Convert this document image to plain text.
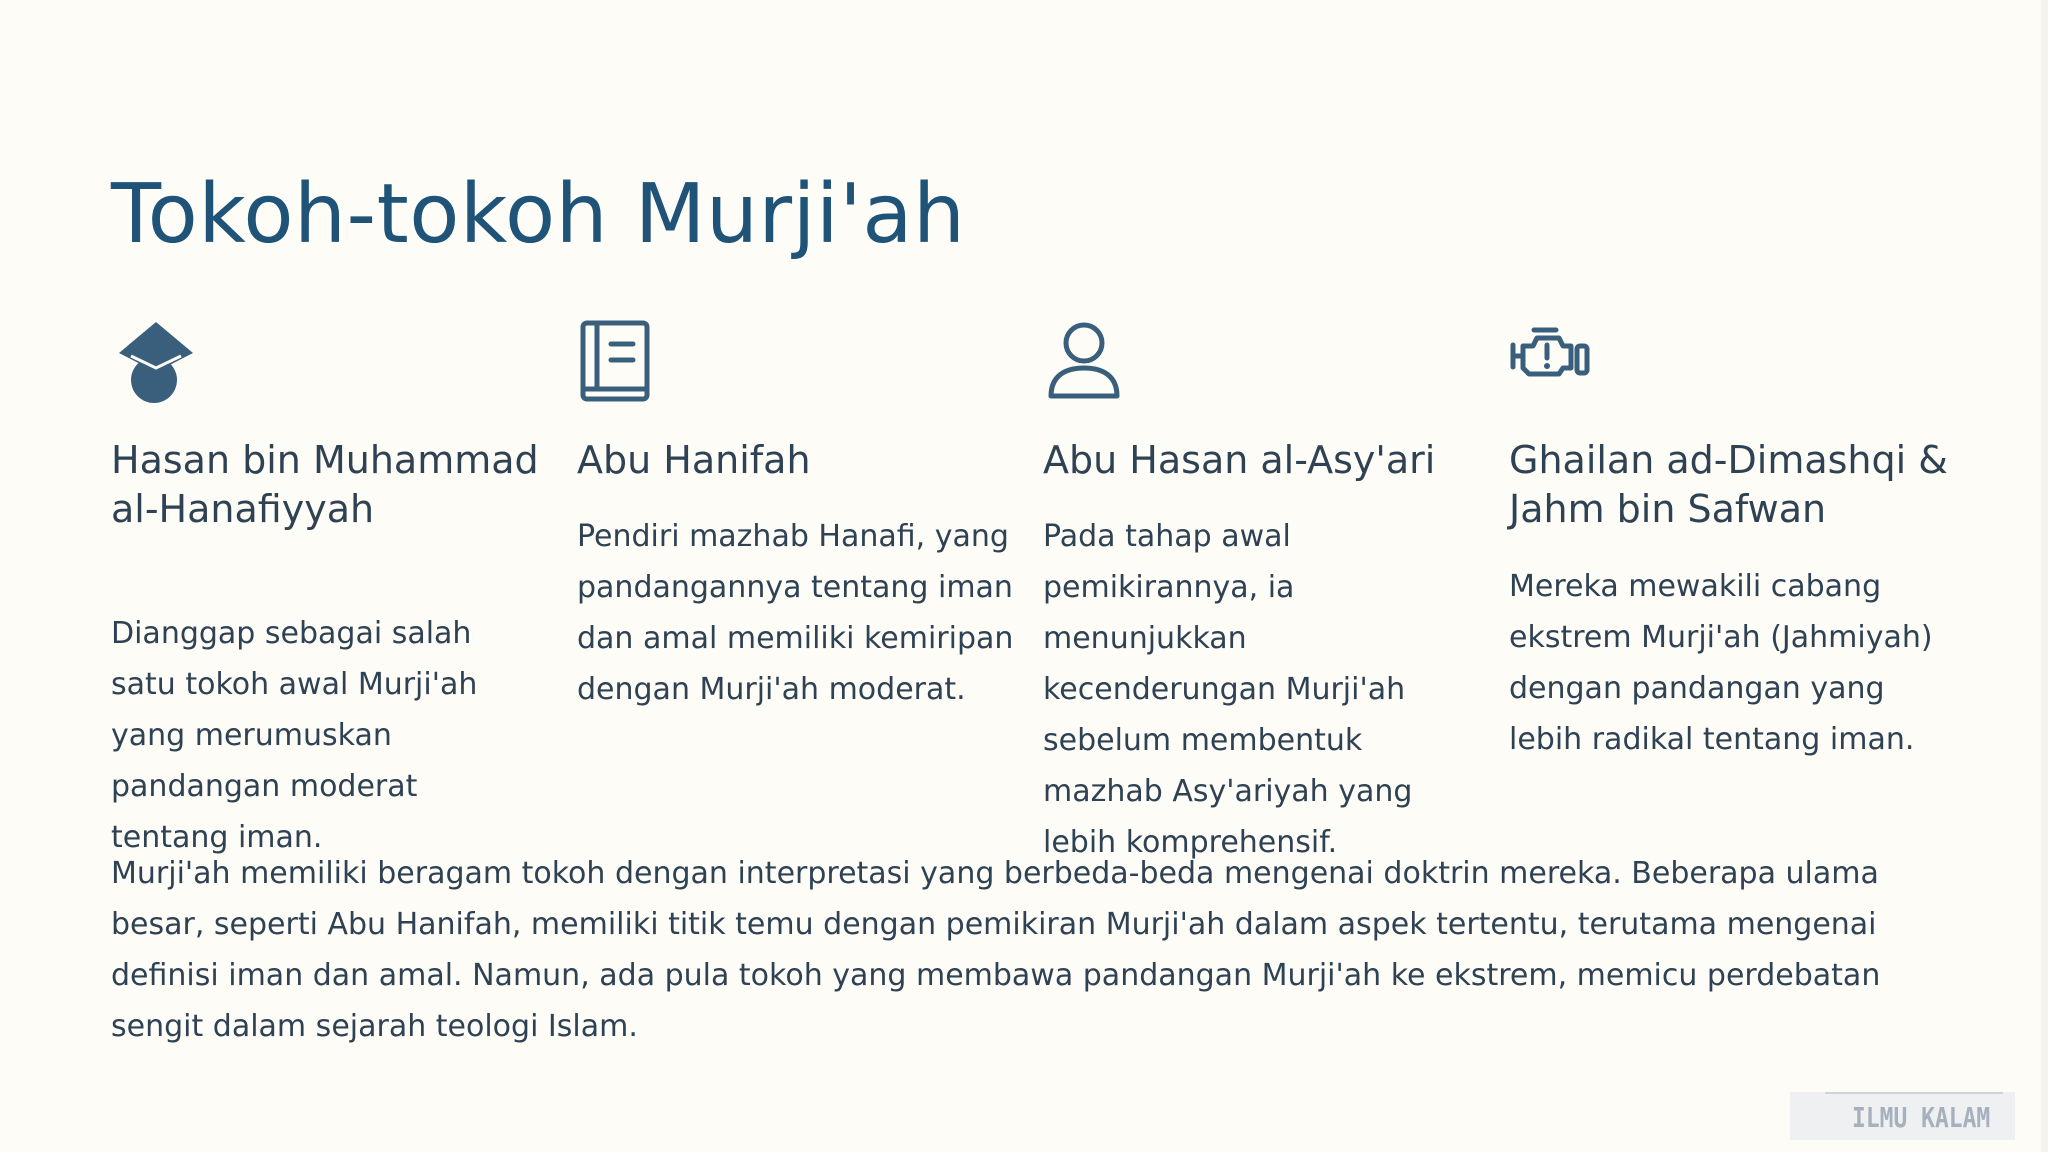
Tokoh-tokoh Murji'ah
Hasan bin Muhammad al-Hanafiyyah

Dianggap sebagai salah satu tokoh awal Murji'ah yang merumuskan pandangan moderat tentang iman.

Abu Hanifah

Pendiri mazhab Hanafi, yang pandangannya tentang iman dan amal memiliki kemiripan dengan Murji'ah moderat.

Abu Hasan al-Asy'ari

Pada tahap awal pemikirannya, ia menunjukkan kecenderungan Murji'ah sebelum membentuk mazhab Asy'ariyah yang lebih komprehensif.

Ghailan ad-Dimashqi & Jahm bin Safwan

Mereka mewakili cabang ekstrem Murji'ah (Jahmiyah) dengan pandangan yang lebih radikal tentang iman.

Murji'ah memiliki beragam tokoh dengan interpretasi yang berbeda-beda mengenai doktrin mereka. Beberapa ulama besar, seperti Abu Hanifah, memiliki titik temu dengan pemikiran Murji'ah dalam aspek tertentu, terutama mengenai definisi iman dan amal. Namun, ada pula tokoh yang membawa pandangan Murji'ah ke ekstrem, memicu perdebatan sengit dalam sejarah teologi Islam.

ILMU KALAM
